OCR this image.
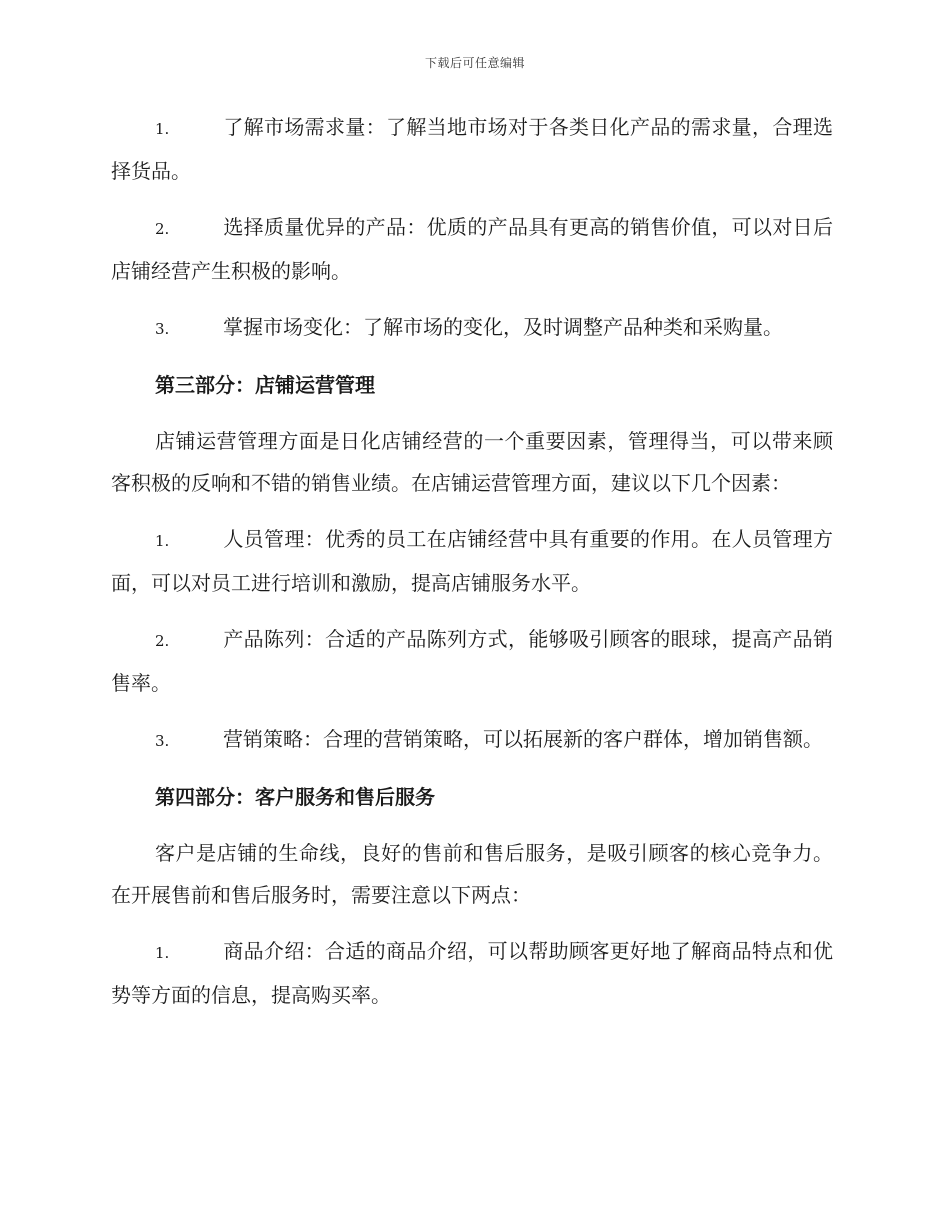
下载后可任意编辑
1.	了解市场需求量：了解当地市场对于各类日化产品的需求量，合理选择货品。
2.	选择质量优异的产品：优质的产品具有更高的销售价值，可以对日后店铺经营产生积极的影响。
3.	掌握市场变化：了解市场的变化，及时调整产品种类和采购量。
第三部分：店铺运营管理
店铺运营管理方面是日化店铺经营的一个重要因素，管理得当，可以带来顾客积极的反响和不错的销售业绩。在店铺运营管理方面，建议以下几个因素：
1.	人员管理：优秀的员工在店铺经营中具有重要的作用。在人员管理方面，可以对员工进行培训和激励，提高店铺服务水平。
2.	产品陈列：合适的产品陈列方式，能够吸引顾客的眼球，提高产品销售率。
3.	营销策略：合理的营销策略，可以拓展新的客户群体，增加销售额。
第四部分：客户服务和售后服务
客户是店铺的生命线，良好的售前和售后服务，是吸引顾客的核心竞争力。在开展售前和售后服务时，需要注意以下两点：
1.	商品介绍：合适的商品介绍，可以帮助顾客更好地了解商品特点和优势等方面的信息，提高购买率。
